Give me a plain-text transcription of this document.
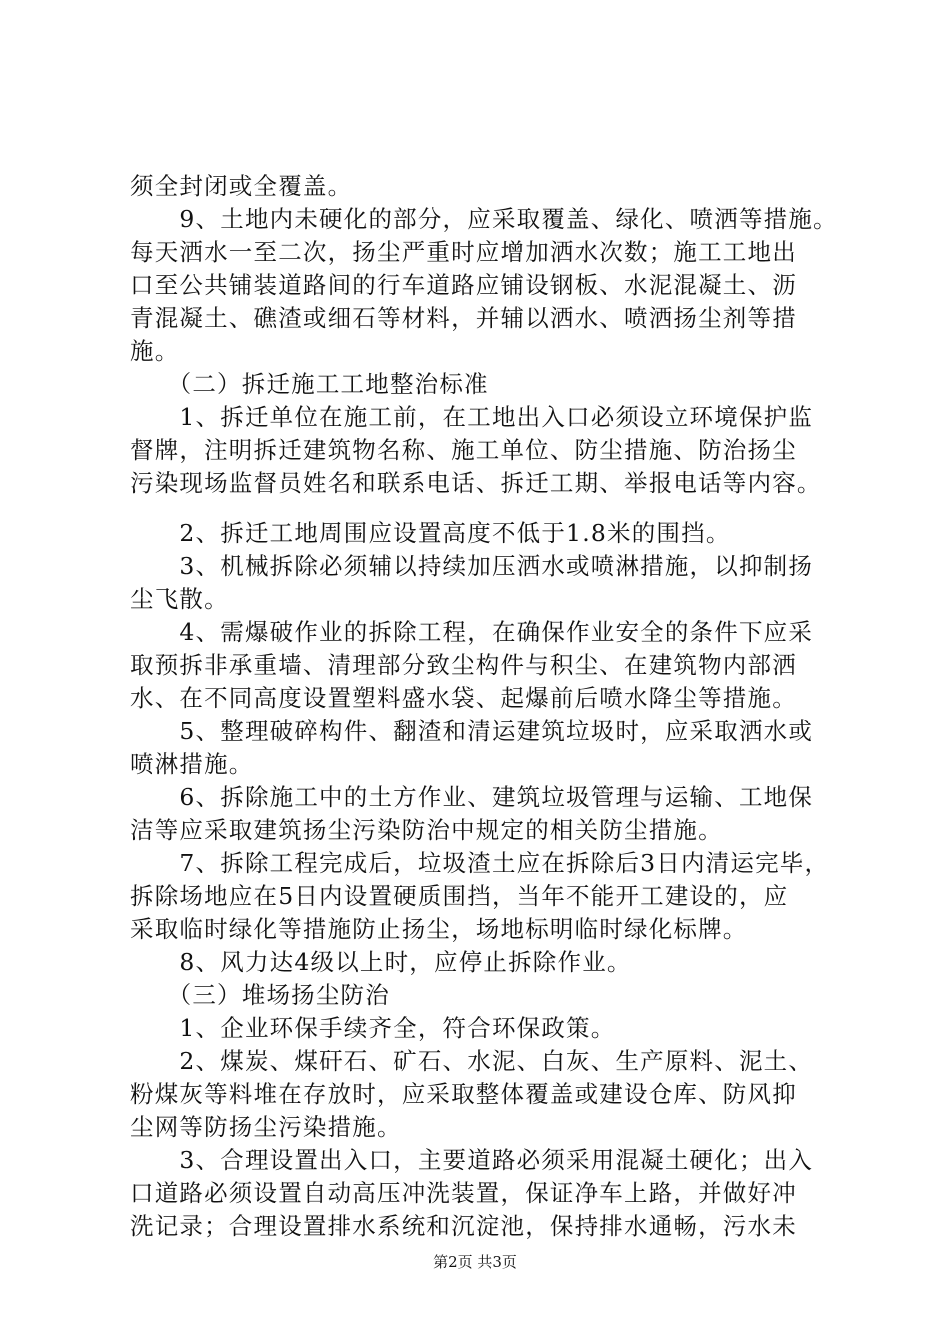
须全封闭或全覆盖。
　　9、土地内未硬化的部分，应采取覆盖、绿化、喷洒等措施。
每天洒水一至二次，扬尘严重时应增加洒水次数；施工工地出
口至公共铺装道路间的行车道路应铺设钢板、水泥混凝土、沥
青混凝土、礁渣或细石等材料，并辅以洒水、喷洒扬尘剂等措
施。
　　（二）拆迁施工工地整治标准
　　1、拆迁单位在施工前，在工地出入口必须设立环境保护监
督牌，注明拆迁建筑物名称、施工单位、防尘措施、防治扬尘
污染现场监督员姓名和联系电话、拆迁工期、举报电话等内容。
　　2、拆迁工地周围应设置高度不低于1.8米的围挡。
　　3、机械拆除必须辅以持续加压洒水或喷淋措施，以抑制扬
尘飞散。
　　4、需爆破作业的拆除工程，在确保作业安全的条件下应采
取预拆非承重墙、清理部分致尘构件与积尘、在建筑物内部洒
水、在不同高度设置塑料盛水袋、起爆前后喷水降尘等措施。
　　5、整理破碎构件、翻渣和清运建筑垃圾时，应采取洒水或
喷淋措施。
　　6、拆除施工中的土方作业、建筑垃圾管理与运输、工地保
洁等应采取建筑扬尘污染防治中规定的相关防尘措施。
　　7、拆除工程完成后，垃圾渣土应在拆除后3日内清运完毕，
拆除场地应在5日内设置硬质围挡，当年不能开工建设的，应
采取临时绿化等措施防止扬尘，场地标明临时绿化标牌。
　　8、风力达4级以上时，应停止拆除作业。
　　（三）堆场扬尘防治
　　1、企业环保手续齐全，符合环保政策。
　　2、煤炭、煤矸石、矿石、水泥、白灰、生产原料、泥土、
粉煤灰等料堆在存放时，应采取整体覆盖或建设仓库、防风抑
尘网等防扬尘污染措施。
　　3、合理设置出入口，主要道路必须采用混凝土硬化；出入
口道路必须设置自动高压冲洗装置，保证净车上路，并做好冲
洗记录；合理设置排水系统和沉淀池，保持排水通畅，污水未
第2页 共3页
